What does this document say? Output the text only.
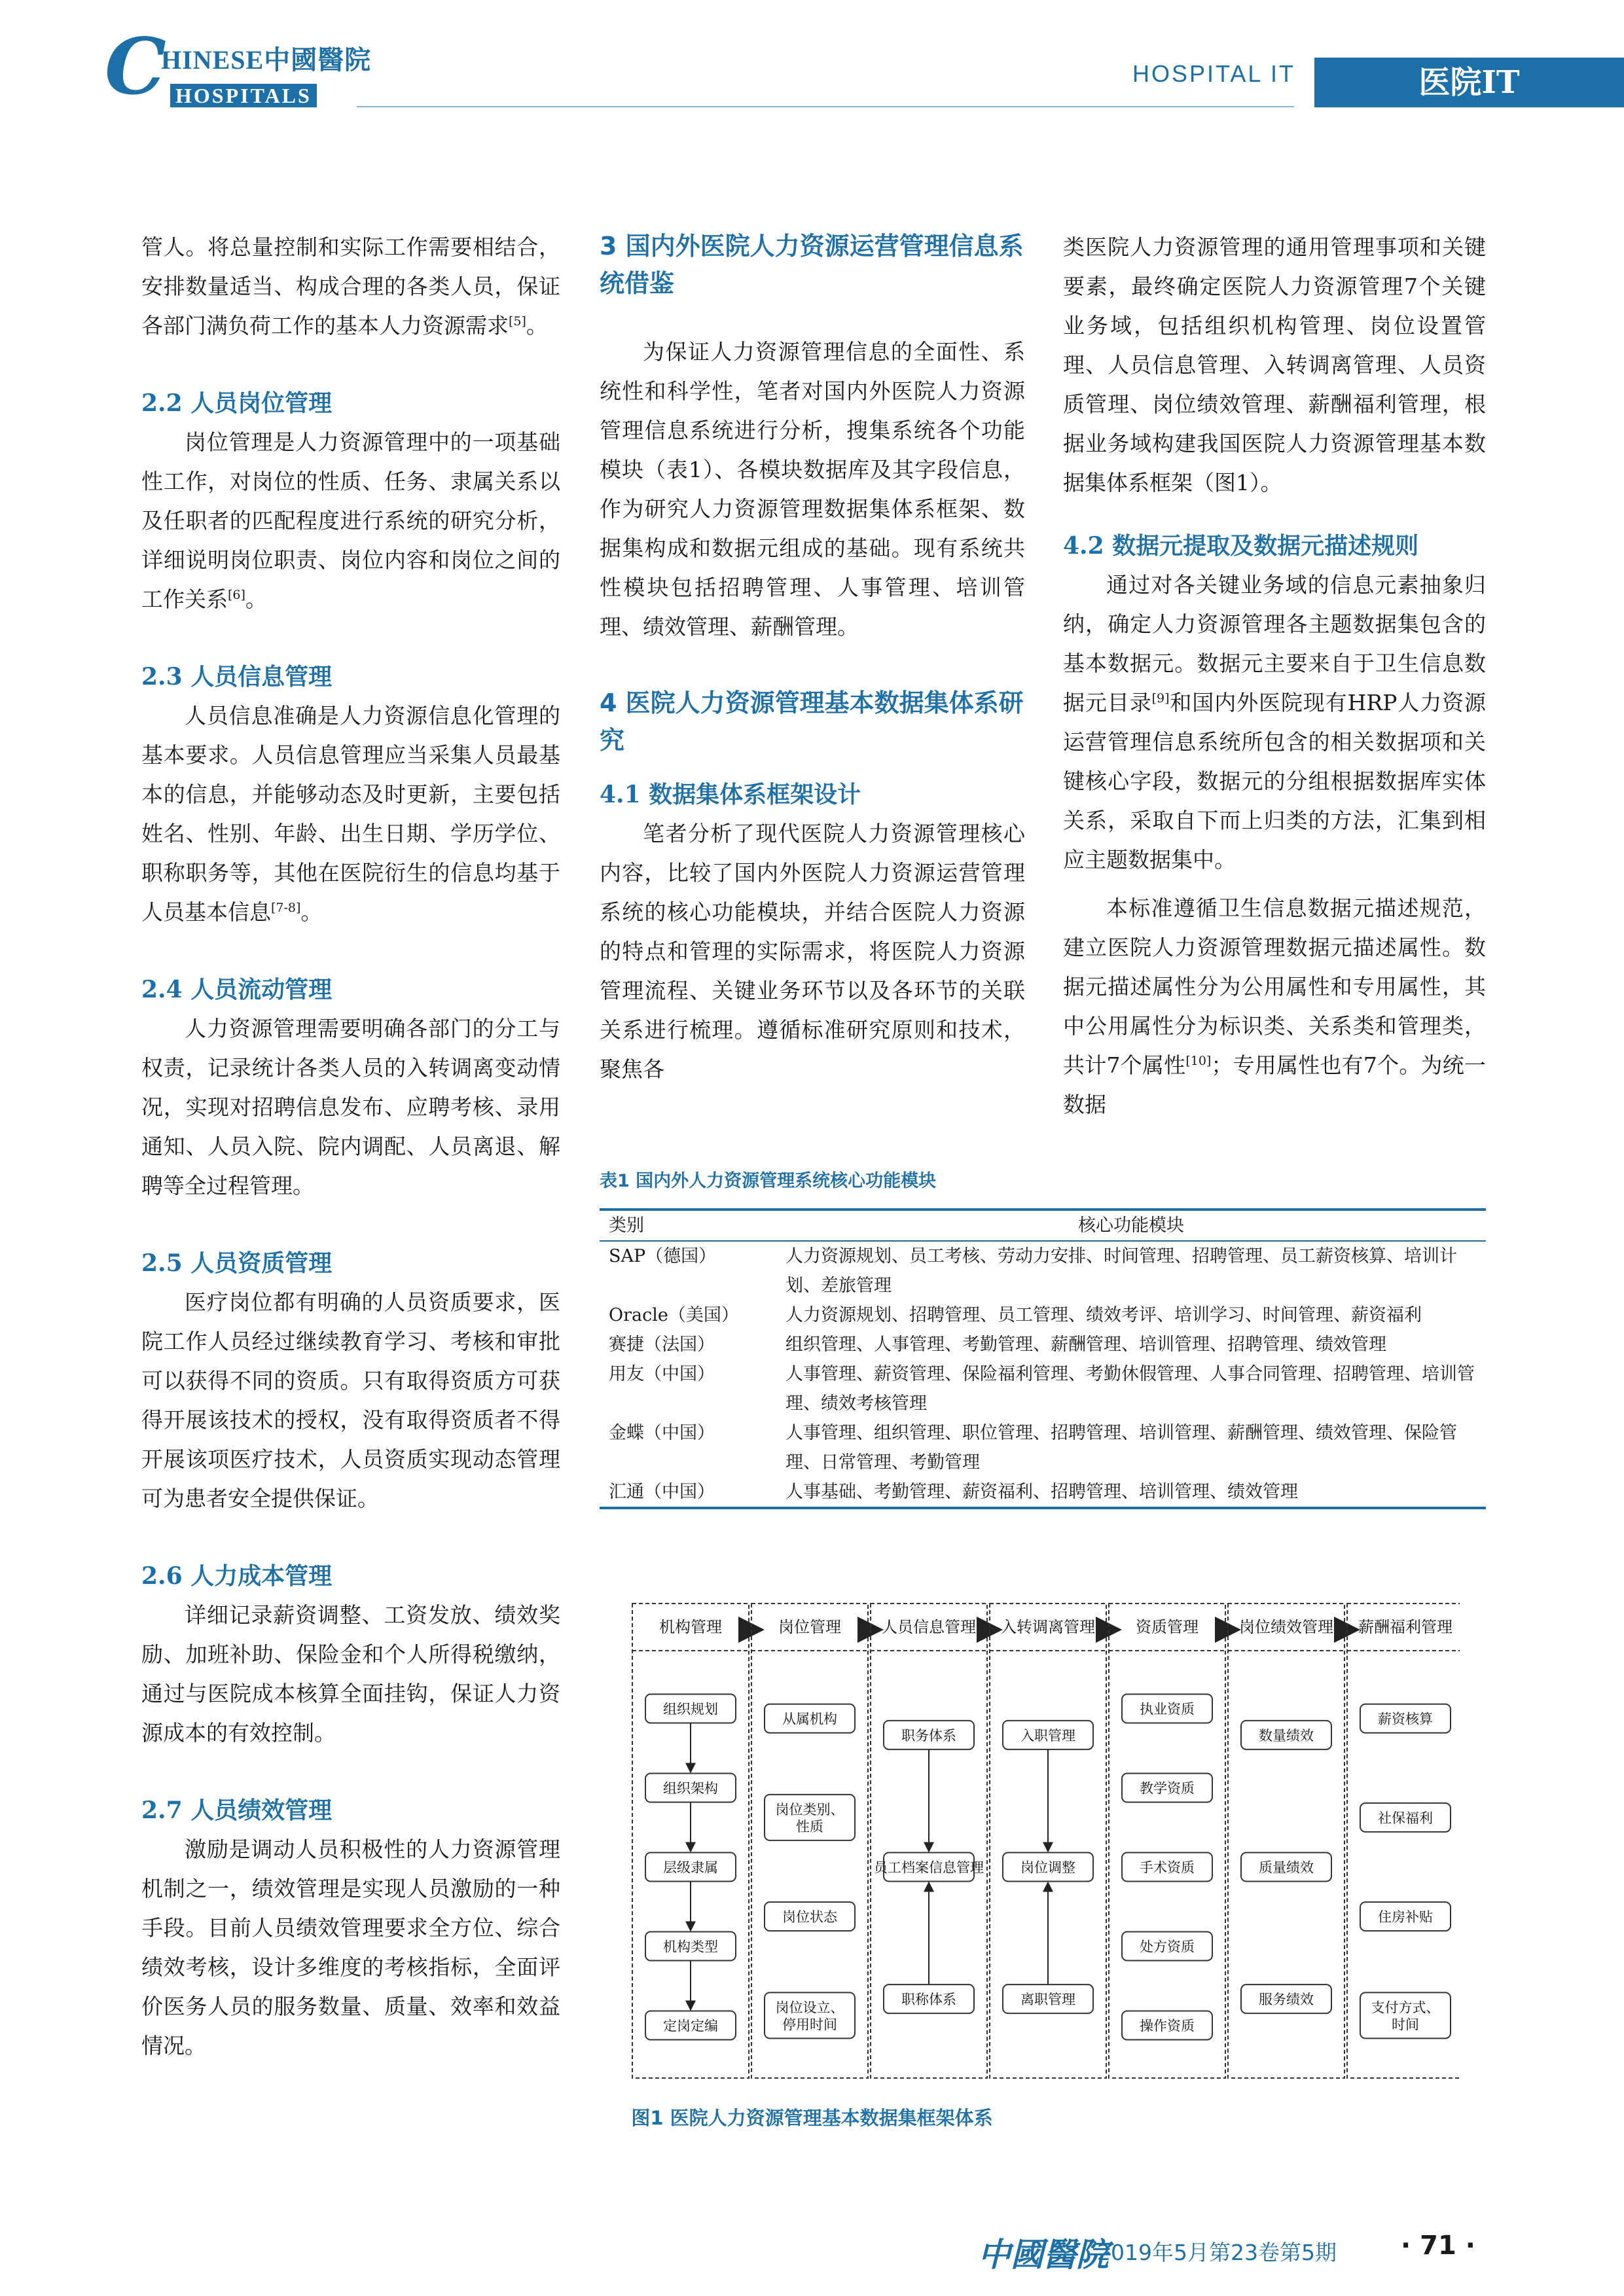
C
HINESE中國醫院
HOSPITALS
HOSPITAL IT	医院IT

管人。将总量控制和实际工作需要相结合，安排数量适当、构成合理的各类人员，保证各部门满负荷工作的基本人力资源需求[5]。

2.2 人员岗位管理

岗位管理是人力资源管理中的一项基础性工作，对岗位的性质、任务、隶属关系以及任职者的匹配程度进行系统的研究分析，详细说明岗位职责、岗位内容和岗位之间的工作关系[6]。

2.3 人员信息管理

人员信息准确是人力资源信息化管理的基本要求。人员信息管理应当采集人员最基本的信息，并能够动态及时更新，主要包括姓名、性别、年龄、出生日期、学历学位、职称职务等，其他在医院衍生的信息均基于人员基本信息[7-8]。

2.4 人员流动管理

人力资源管理需要明确各部门的分工与权责，记录统计各类人员的入转调离变动情况，实现对招聘信息发布、应聘考核、录用通知、人员入院、院内调配、人员离退、解聘等全过程管理。

2.5 人员资质管理

医疗岗位都有明确的人员资质要求，医院工作人员经过继续教育学习、考核和审批可以获得不同的资质。只有取得资质方可获得开展该技术的授权，没有取得资质者不得开展该项医疗技术，人员资质实现动态管理可为患者安全提供保证。

2.6 人力成本管理

详细记录薪资调整、工资发放、绩效奖励、加班补助、保险金和个人所得税缴纳，通过与医院成本核算全面挂钩，保证人力资源成本的有效控制。

2.7 人员绩效管理

激励是调动人员积极性的人力资源管理机制之一，绩效管理是实现人员激励的一种手段。目前人员绩效管理要求全方位、综合绩效考核，设计多维度的考核指标，全面评价医务人员的服务数量、质量、效率和效益情况。

3 国内外医院人力资源运营管理信息系统借鉴

为保证人力资源管理信息的全面性、系统性和科学性，笔者对国内外医院人力资源管理信息系统进行分析，搜集系统各个功能模块（表1）、各模块数据库及其字段信息，作为研究人力资源管理数据集体系框架、数据集构成和数据元组成的基础。现有系统共性模块包括招聘管理、人事管理、培训管理、绩效管理、薪酬管理。

4 医院人力资源管理基本数据集体系研究

4.1 数据集体系框架设计

笔者分析了现代医院人力资源管理核心内容，比较了国内外医院人力资源运营管理系统的核心功能模块，并结合医院人力资源的特点和管理的实际需求，将医院人力资源管理流程、关键业务环节以及各环节的关联关系进行梳理。遵循标准研究原则和技术，聚焦各

类医院人力资源管理的通用管理事项和关键要素，最终确定医院人力资源管理7个关键业务域，包括组织机构管理、岗位设置管理、人员信息管理、入转调离管理、人员资质管理、岗位绩效管理、薪酬福利管理，根据业务域构建我国医院人力资源管理基本数据集体系框架（图1）。

4.2 数据元提取及数据元描述规则

通过对各关键业务域的信息元素抽象归纳，确定人力资源管理各主题数据集包含的基本数据元。数据元主要来自于卫生信息数据元目录[9]和国内外医院现有HRP人力资源运营管理信息系统所包含的相关数据项和关键核心字段，数据元的分组根据数据库实体关系，采取自下而上归类的方法，汇集到相应主题数据集中。

本标准遵循卫生信息数据元描述规范，建立医院人力资源管理数据元描述属性。数据元描述属性分为公用属性和专用属性，其中公用属性分为标识类、关系类和管理类，共计7个属性[10]；专用属性也有7个。为统一数据

表1 国内外人力资源管理系统核心功能模块
类别	核心功能模块
SAP（德国）	人力资源规划、员工考核、劳动力安排、时间管理、招聘管理、员工薪资核算、培训计划、差旅管理
Oracle（美国）	人力资源规划、招聘管理、员工管理、绩效考评、培训学习、时间管理、薪资福利
赛捷（法国）	组织管理、人事管理、考勤管理、薪酬管理、培训管理、招聘管理、绩效管理
用友（中国）	人事管理、薪资管理、保险福利管理、考勤休假管理、人事合同管理、招聘管理、培训管理、绩效考核管理
金蝶（中国）	人事管理、组织管理、职位管理、招聘管理、培训管理、薪酬管理、绩效管理、保险管理、日常管理、考勤管理
汇通（中国）	人事基础、考勤管理、薪资福利、招聘管理、培训管理、绩效管理
机构管理
组织规划
组织架构
层级隶属
机构类型
定岗定编
岗位管理
从属机构
岗位类别、
性质
岗位状态
岗位设立、
停用时间
人员信息管理
职务体系
员工档案信息管理
职称体系
入转调离管理
入职管理
岗位调整
离职管理
资质管理
执业资质
教学资质
手术资质
处方资质
操作资质
岗位绩效管理
数量绩效
质量绩效
服务绩效
薪酬福利管理
薪资核算
社保福利
住房补贴
支付方式、
时间
图1 医院人力资源管理基本数据集框架体系
中國醫院
2019年5月第23卷第5期 · 71 ·
